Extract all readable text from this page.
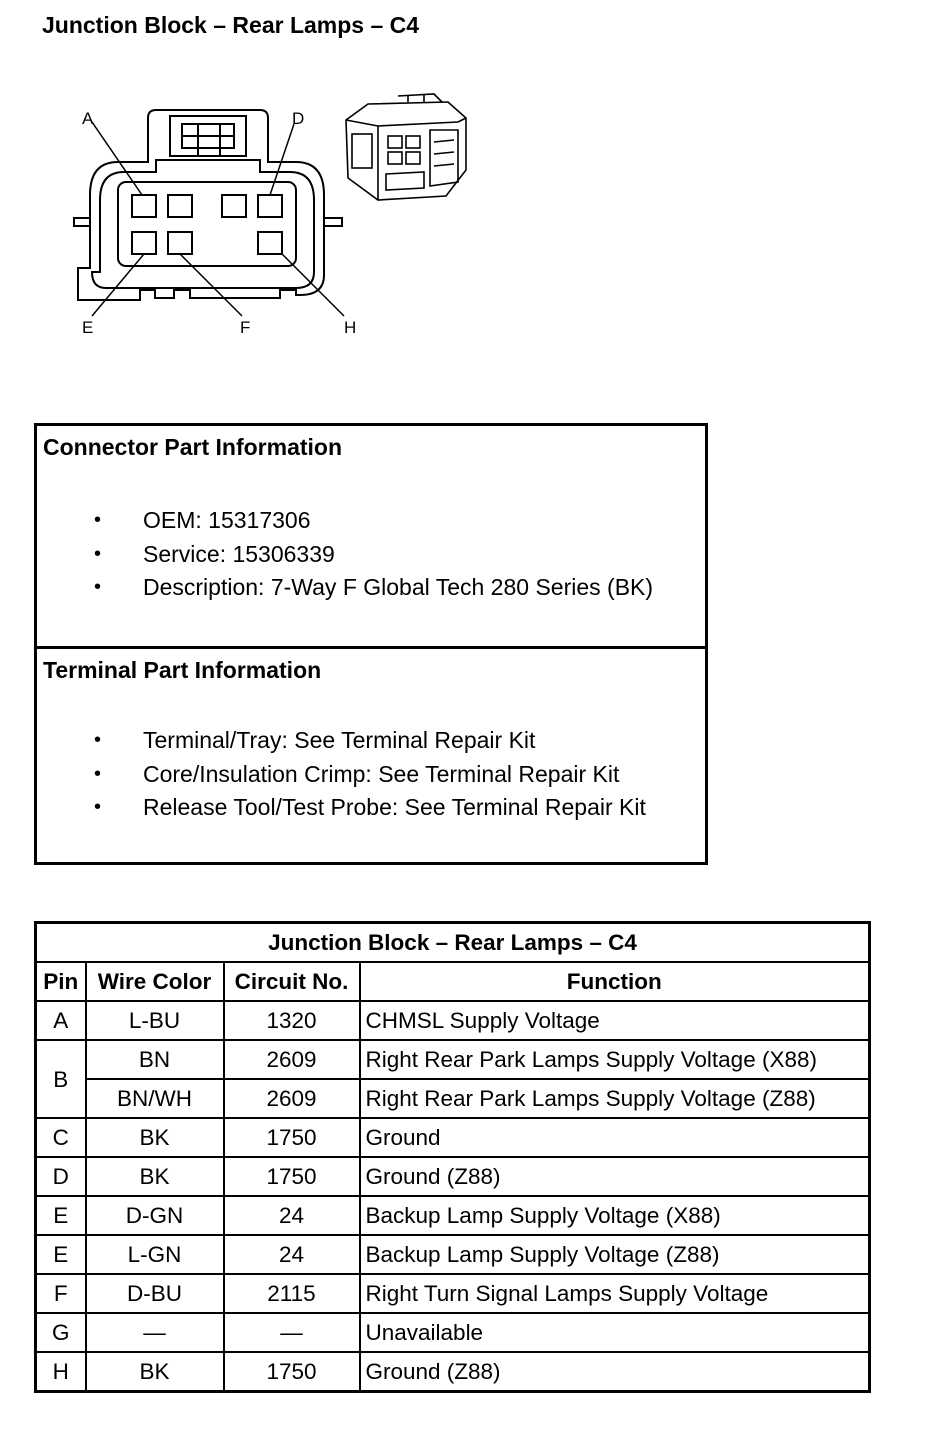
Junction Block – Rear Lamps – C4
A	D
E	F	H
Connector Part Information
• OEM: 15317306
• Service: 15306339
• Description: 7-Way F Global Tech 280 Series (BK)
Terminal Part Information
• Terminal/Tray: See Terminal Repair Kit
• Core/Insulation Crimp: See Terminal Repair Kit
• Release Tool/Test Probe: See Terminal Repair Kit
Junction Block – Rear Lamps – C4			
Pin	Wire Color	Circuit No.	Function
A	L-BU	1320	CHMSL Supply Voltage
B	BN	2609	Right Rear Park Lamps Supply Voltage (X88)
	BN/WH	2609	Right Rear Park Lamps Supply Voltage (Z88)
C	BK	1750	Ground
D	BK	1750	Ground (Z88)
E	D-GN	24	Backup Lamp Supply Voltage (X88)
E	L-GN	24	Backup Lamp Supply Voltage (Z88)
F	D-BU	2115	Right Turn Signal Lamps Supply Voltage
G	—	—	Unavailable
H	BK	1750	Ground (Z88)
